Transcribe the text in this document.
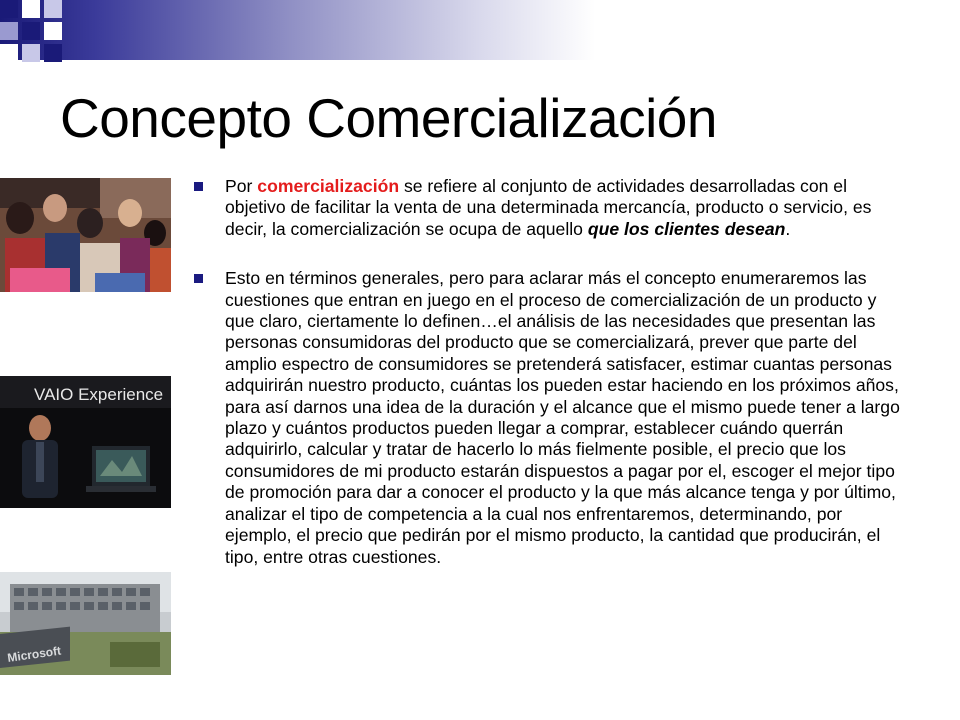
Concepto Comercialización
VAIO Experience
Microsoft

Por comercialización se refiere al conjunto de actividades desarrolladas con el objetivo de facilitar la venta de una determinada mercancía, producto o servicio, es decir, la comercialización se ocupa de aquello que los clientes desean.

Esto en términos generales, pero para aclarar más el concepto enumeraremos las cuestiones que entran en juego en el proceso de comercialización de un producto y que claro, ciertamente lo definen…el análisis de las necesidades que presentan las personas consumidoras del producto que se comercializará, prever que parte del amplio espectro de consumidores se pretenderá satisfacer, estimar cuantas personas adquirirán nuestro producto, cuántas los pueden estar haciendo en los próximos años, para así darnos una idea de la duración y el alcance que el mismo puede tener a largo plazo y cuántos productos pueden llegar a comprar, establecer cuándo querrán adquirirlo, calcular y tratar de hacerlo lo más fielmente posible, el precio que los consumidores de mi producto estarán dispuestos a pagar por el, escoger el mejor tipo de promoción para dar a conocer el producto y la que más alcance tenga y por último, analizar el tipo de competencia a la cual nos enfrentaremos, determinando, por ejemplo, el precio que pedirán por el mismo producto, la cantidad que producirán, el tipo, entre otras cuestiones.
